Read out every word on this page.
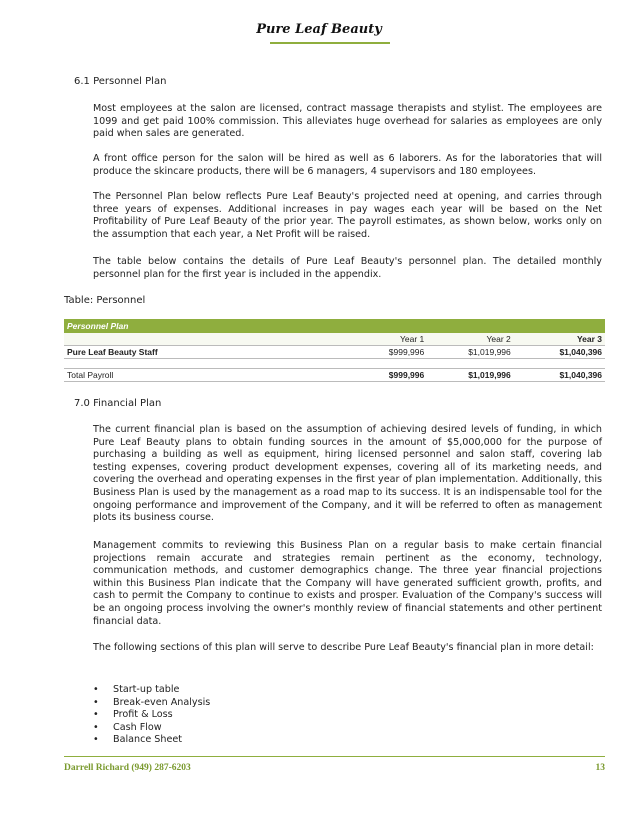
Pure Leaf Beauty
6.1 Personnel Plan
Most employees at the salon are licensed, contract massage therapists and stylist. The employees are 1099 and get paid 100% commission. This alleviates huge overhead for salaries as employees are only paid when sales are generated.
A front office person for the salon will be hired as well as 6 laborers. As for the laboratories that will produce the skincare products, there will be 6 managers, 4 supervisors and 180 employees.
The Personnel Plan below reflects Pure Leaf Beauty's projected need at opening, and carries through three years of expenses. Additional increases in pay wages each year will be based on the Net Profitability of Pure Leaf Beauty of the prior year. The payroll estimates, as shown below, works only on the assumption that each year, a Net Profit will be raised.
The table below contains the details of Pure Leaf Beauty's personnel plan. The detailed monthly personnel plan for the first year is included in the appendix.
Table: Personnel
Personnel Plan			
	Year 1	Year 2	Year 3
Pure Leaf Beauty Staff	$999,996	$1,019,996	$1,040,396

Total Payroll	$999,996	$1,019,996	$1,040,396
7.0 Financial Plan
The current financial plan is based on the assumption of achieving desired levels of funding, in which Pure Leaf Beauty plans to obtain funding sources in the amount of $5,000,000 for the purpose of purchasing a building as well as equipment, hiring licensed personnel and salon staff, covering lab testing expenses, covering product development expenses, covering all of its marketing needs, and covering the overhead and operating expenses in the first year of plan implementation. Additionally, this Business Plan is used by the management as a road map to its success. It is an indispensable tool for the ongoing performance and improvement of the Company, and it will be referred to often as management plots its business course.
Management commits to reviewing this Business Plan on a regular basis to make certain financial projections remain accurate and strategies remain pertinent as the economy, technology, communication methods, and customer demographics change. The three year financial projections within this Business Plan indicate that the Company will have generated sufficient growth, profits, and cash to permit the Company to continue to exists and prosper. Evaluation of the Company's success will be an ongoing process involving the owner's monthly review of financial statements and other pertinent financial data.
The following sections of this plan will serve to describe Pure Leaf Beauty's financial plan in more detail:
• Start-up table
• Break-even Analysis
• Profit & Loss
• Cash Flow
• Balance Sheet
Darrell Richard (949) 287-6203	13
